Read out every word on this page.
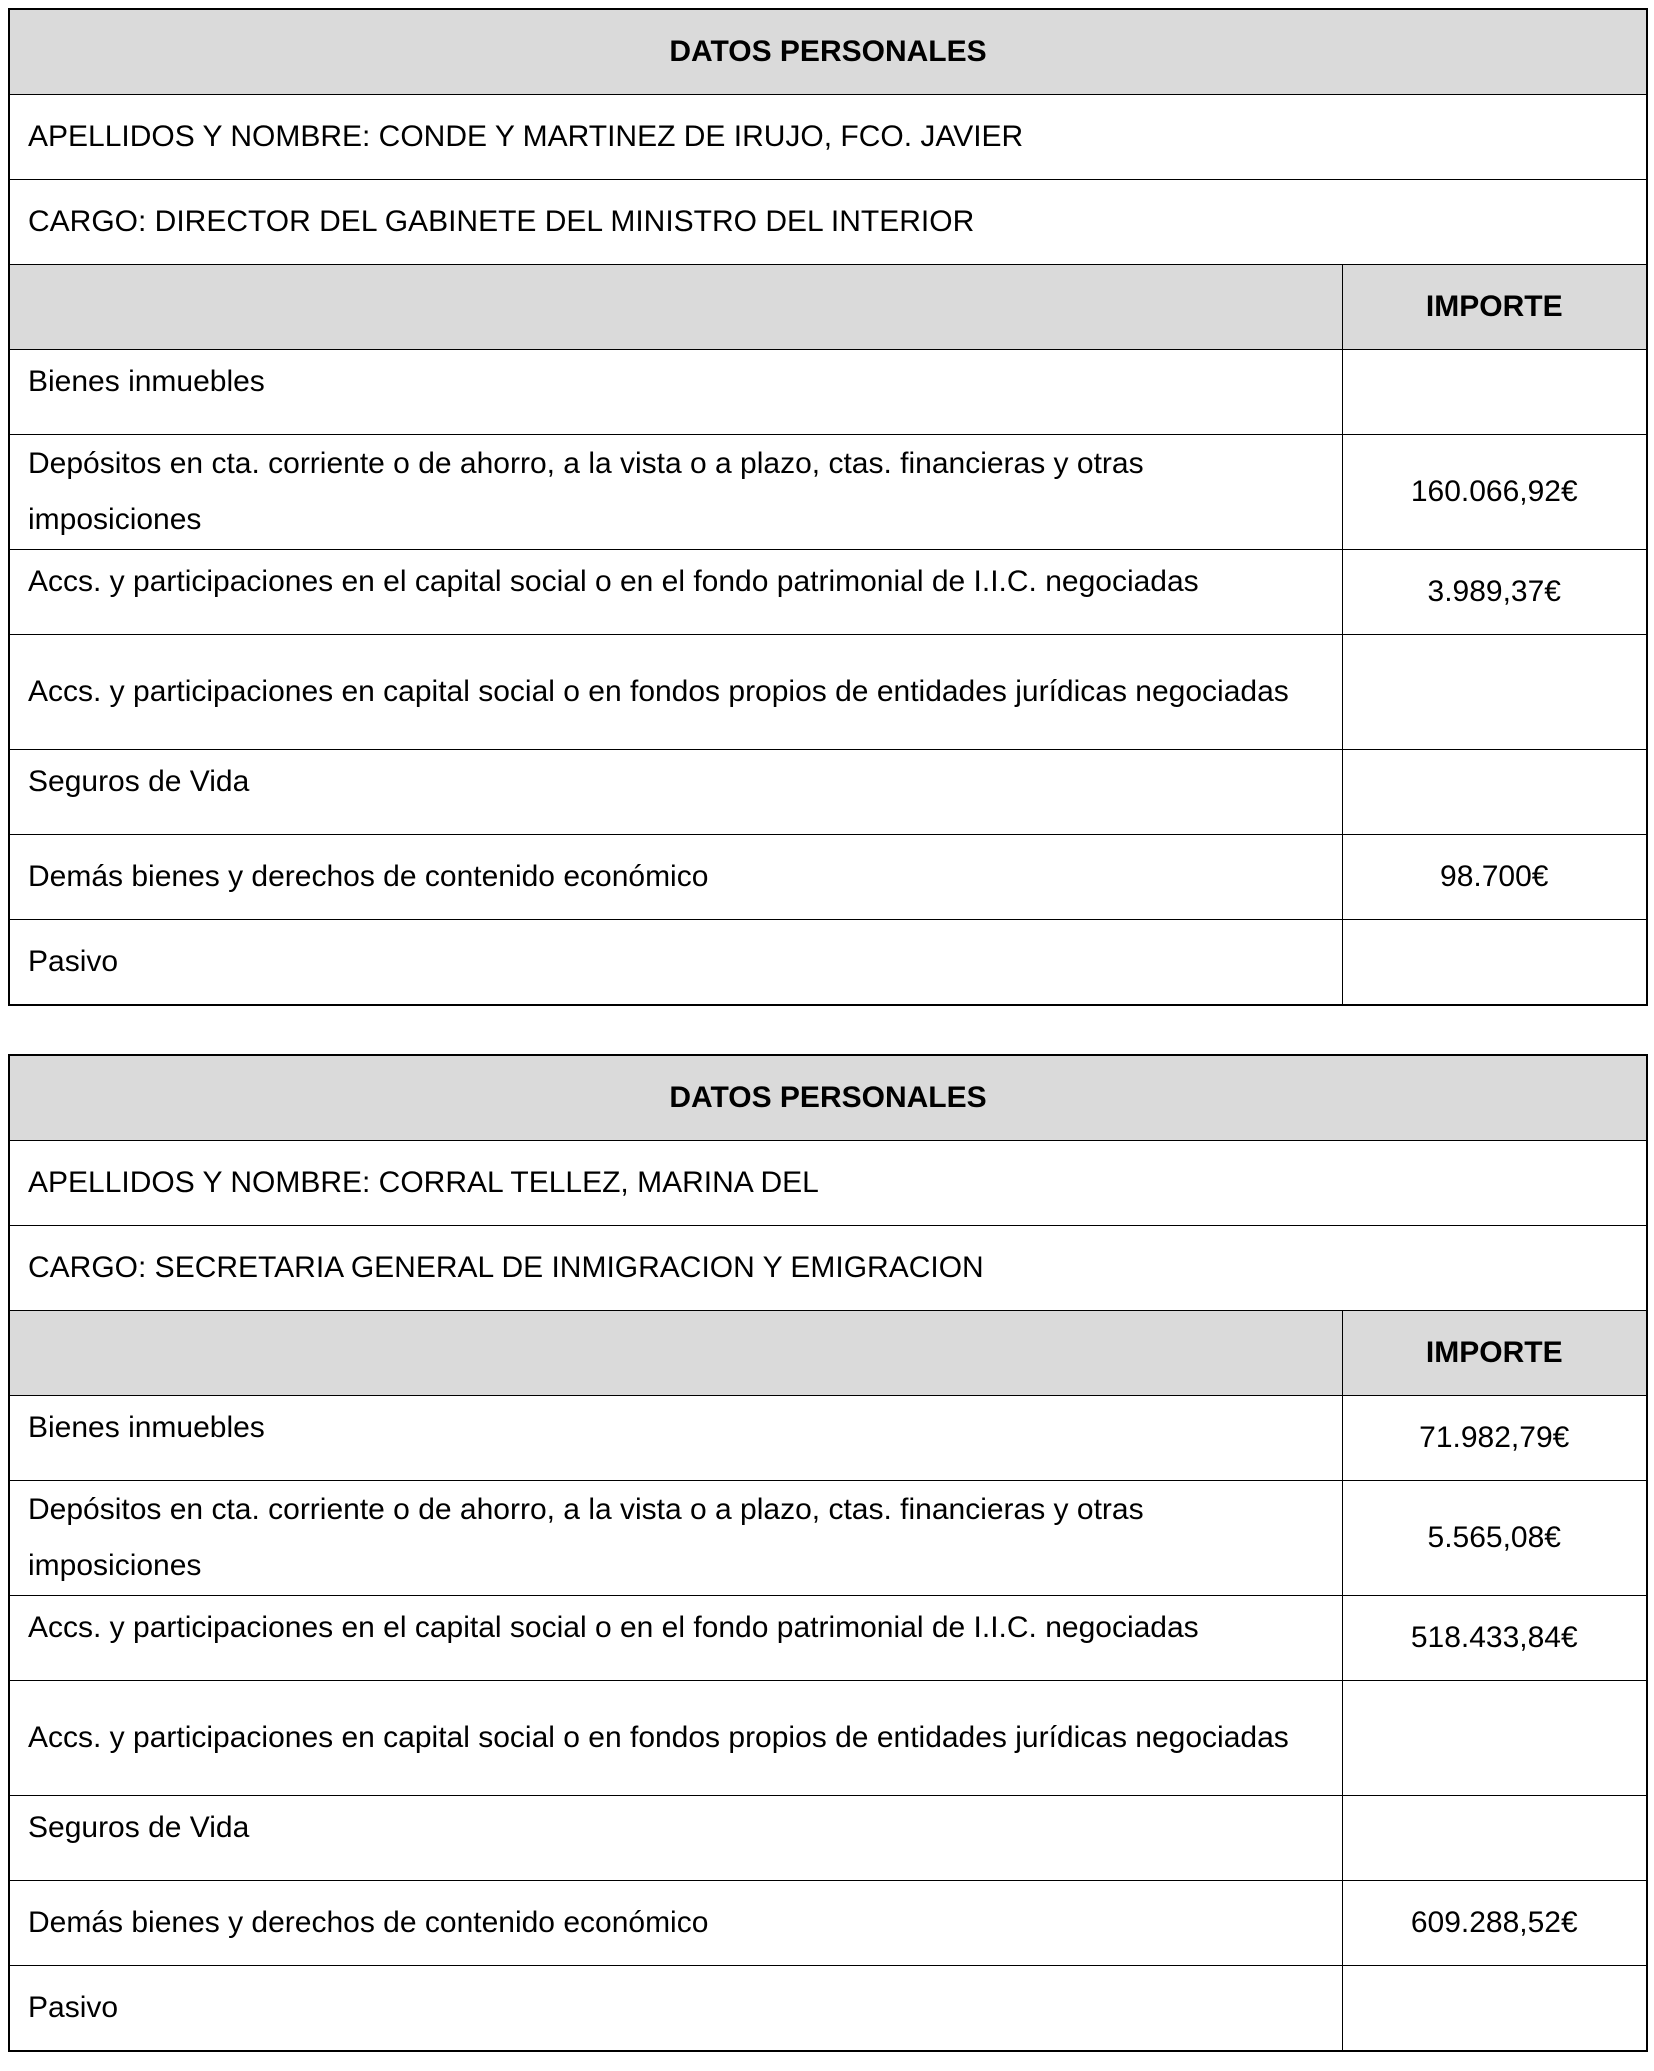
DATOS PERSONALES	
APELLIDOS Y NOMBRE: CONDE Y MARTINEZ DE IRUJO, FCO. JAVIER	
CARGO: DIRECTOR DEL GABINETE DEL MINISTRO DEL INTERIOR	
	IMPORTE

Bienes inmuebles	

Depósitos en cta. corriente o de ahorro, a la vista o a plazo, ctas. financieras y otras imposiciones	160.066,92€

Accs. y participaciones en el capital social o en el fondo patrimonial de I.I.C. negociadas	3.989,37€
Accs. y participaciones en capital social o en fondos propios de entidades jurídicas negociadas	

Seguros de Vida	

Demás bienes y derechos de contenido económico	98.700€
Pasivo	
DATOS PERSONALES	
APELLIDOS Y NOMBRE: CORRAL TELLEZ, MARINA DEL	
CARGO: SECRETARIA GENERAL DE INMIGRACION Y EMIGRACION	
	IMPORTE

Bienes inmuebles	71.982,79€
Depósitos en cta. corriente o de ahorro, a la vista o a plazo, ctas. financieras y otras imposiciones	5.565,08€

Accs. y participaciones en el capital social o en el fondo patrimonial de I.I.C. negociadas	518.433,84€
Accs. y participaciones en capital social o en fondos propios de entidades jurídicas negociadas	

Seguros de Vida	

Demás bienes y derechos de contenido económico	609.288,52€
Pasivo	
